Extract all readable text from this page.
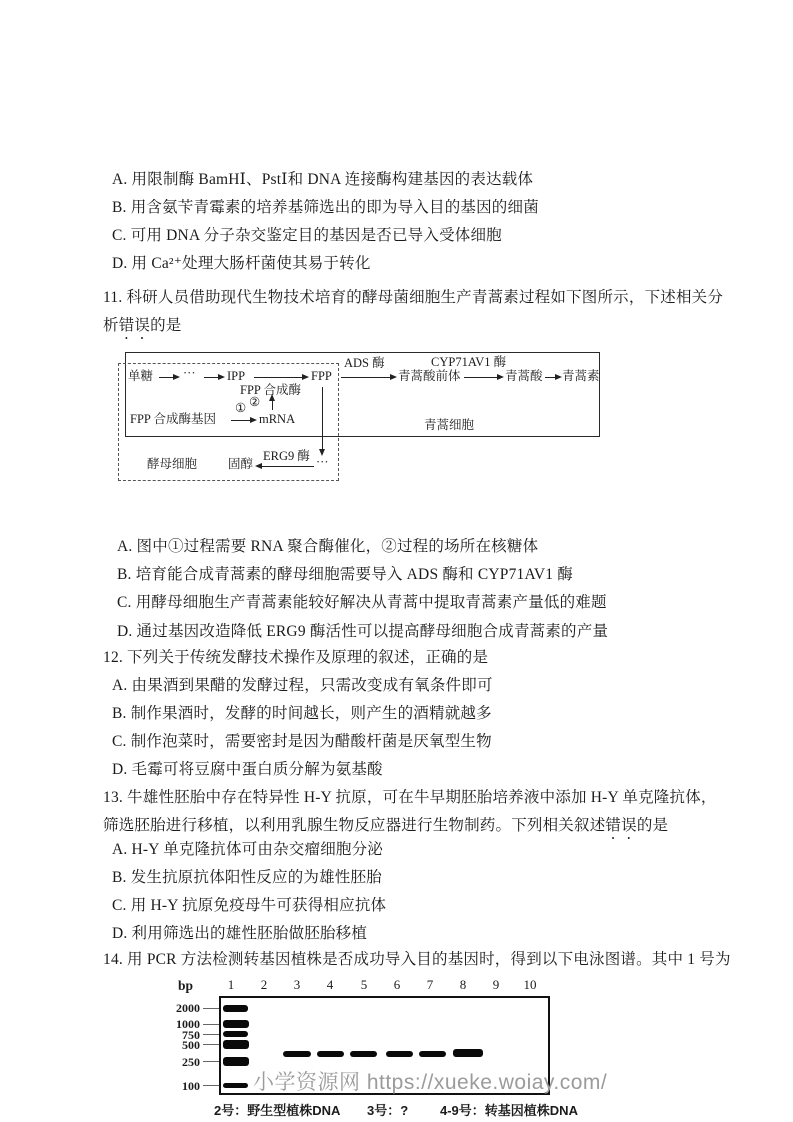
A. 用限制酶 BamHⅠ、PstⅠ和 DNA 连接酶构建基因的表达载体
B. 用含氨苄青霉素的培养基筛选出的即为导入目的基因的细菌
C. 可用 DNA 分子杂交鉴定目的基因是否已导入受体细胞
D. 用 Ca²⁺处理大肠杆菌使其易于转化
11. 科研人员借助现代生物技术培育的酵母菌细胞生产青蒿素过程如下图所示，下述相关分
析错误的是
单糖 ···	IPP
FPP 合成酶
FPP
ADS 酶
青蒿酸前体
CYP71AV1 酶
青蒿酸 青蒿素
FPP 合成酶基因
①
mRNA
②
酵母细胞 固醇
ERG9 酶 ···
青蒿细胞
A. 图中①过程需要 RNA 聚合酶催化，②过程的场所在核糖体
B. 培育能合成青蒿素的酵母细胞需要导入 ADS 酶和 CYP71AV1 酶
C. 用酵母细胞生产青蒿素能较好解决从青蒿中提取青蒿素产量低的难题
D. 通过基因改造降低 ERG9 酶活性可以提高酵母细胞合成青蒿素的产量
12. 下列关于传统发酵技术操作及原理的叙述，正确的是
A. 由果酒到果醋的发酵过程，只需改变成有氧条件即可
B. 制作果酒时，发酵的时间越长，则产生的酒精就越多
C. 制作泡菜时，需要密封是因为醋酸杆菌是厌氧型生物
D. 毛霉可将豆腐中蛋白质分解为氨基酸
13. 牛雄性胚胎中存在特异性 H-Y 抗原，可在牛早期胚胎培养液中添加 H-Y 单克隆抗体，
筛选胚胎进行移植，以利用乳腺生物反应器进行生物制药。下列相关叙述错误的是
A. H-Y 单克隆抗体可由杂交瘤细胞分泌
B. 发生抗原抗体阳性反应的为雄性胚胎
C. 用 H-Y 抗原免疫母牛可获得相应抗体
D. 利用筛选出的雄性胚胎做胚胎移植
14. 用 PCR 方法检测转基因植株是否成功导入目的基因时，得到以下电泳图谱。其中 1 号为
bp	1	2	3	4	5	6	7	8	9	10
2000
1000
750
500
250
100	小学资源网 https://xueke.woiay.com/
2号：野生型植株DNA 3号：? 4-9号：转基因植株DNA
